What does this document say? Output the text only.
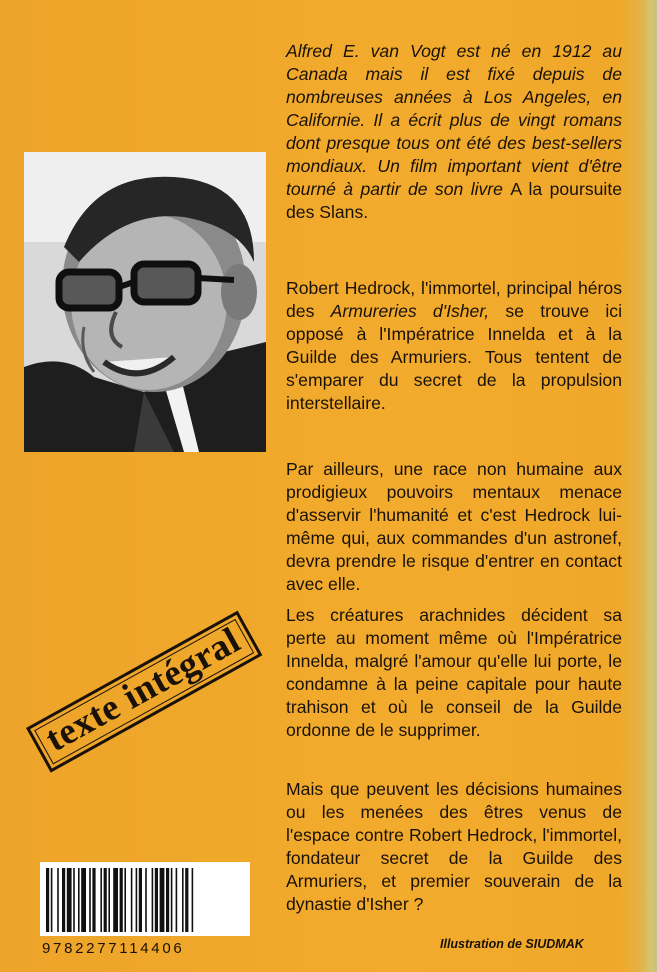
Alfred E. van Vogt est né en 1912 au Canada mais il est fixé depuis de nombreuses années à Los Angeles, en Californie. Il a écrit plus de vingt romans dont presque tous ont été des best-sellers mondiaux. Un film important vient d'être tourné à partir de son livre A la poursuite des Slans.

Robert Hedrock, l'immortel, principal héros des Armureries d'Isher, se trouve ici opposé à l'Impératrice Innelda et à la Guilde des Armuriers. Tous tentent de s'emparer du secret de la propulsion interstellaire.

Par ailleurs, une race non humaine aux prodigieux pouvoirs mentaux menace d'asservir l'humanité et c'est Hedrock lui-même qui, aux commandes d'un astronef, devra prendre le risque d'entrer en contact avec elle.

Les créatures arachnides décident sa perte au moment même où l'Impératrice Innelda, malgré l'amour qu'elle lui porte, le condamne à la peine capitale pour haute trahison et où le conseil de la Guilde ordonne de le supprimer.

Mais que peuvent les décisions humaines ou les menées des êtres venus de l'espace contre Robert Hedrock, l'immortel, fondateur secret de la Guilde des Armuriers, et premier souverain de la dynastie d'Isher ?

texte intégral
9782277114406	Illustration de SIUDMAK
